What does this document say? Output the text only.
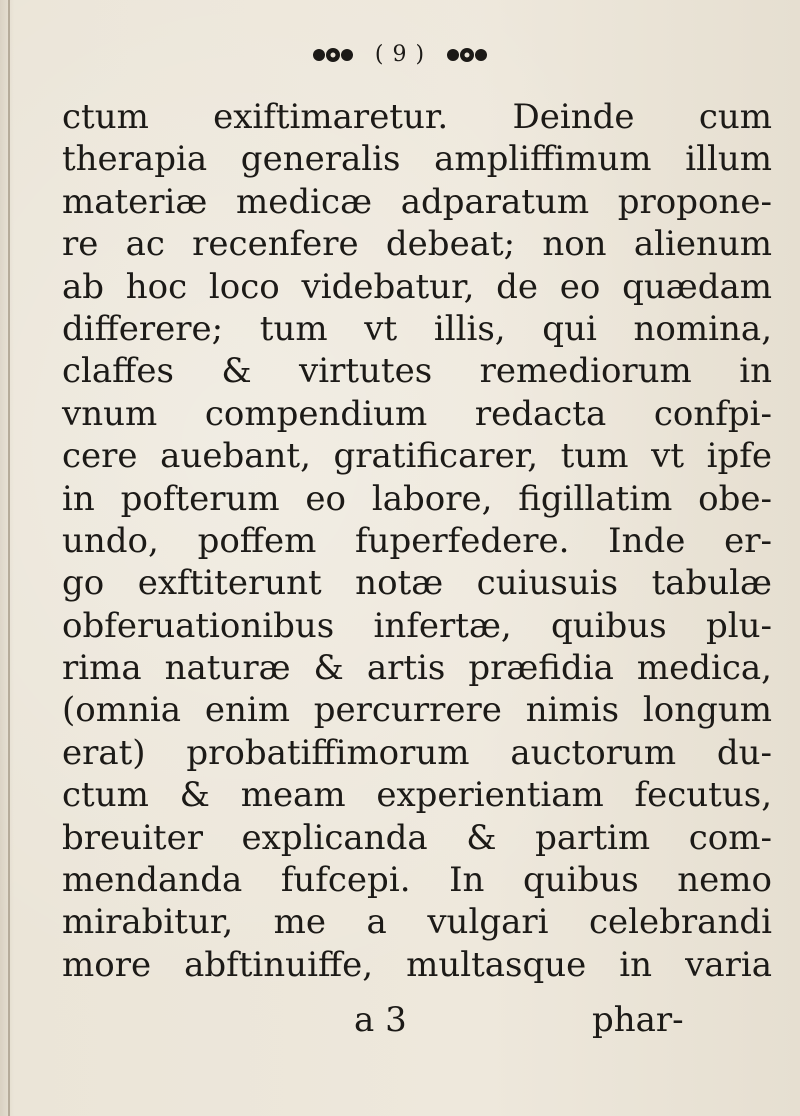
( 9 )
ctum exiftimaretur. Deinde cum
therapia generalis ampliffimum illum
materiæ medicæ adparatum propone-
re ac recenfere debeat; non alienum
ab hoc loco videbatur, de eo quædam
differere; tum vt illis, qui nomina,
claffes & virtutes remediorum in
vnum compendium redacta confpi-
cere auebant, gratificarer, tum vt ipfe
in pofterum eo labore, figillatim obe-
undo, poffem fuperfedere. Inde er-
go exftiterunt notæ cuiusuis tabulæ
obferuationibus infertæ, quibus plu-
rima naturæ & artis præfidia medica,
(omnia enim percurrere nimis longum
erat) probatiffimorum auctorum du-
ctum & meam experientiam fecutus,
breuiter explicanda & partim com-
mendanda fufcepi. In quibus nemo
mirabitur, me a vulgari celebrandi
more abftinuiffe, multasque in varia
a 3	phar-
